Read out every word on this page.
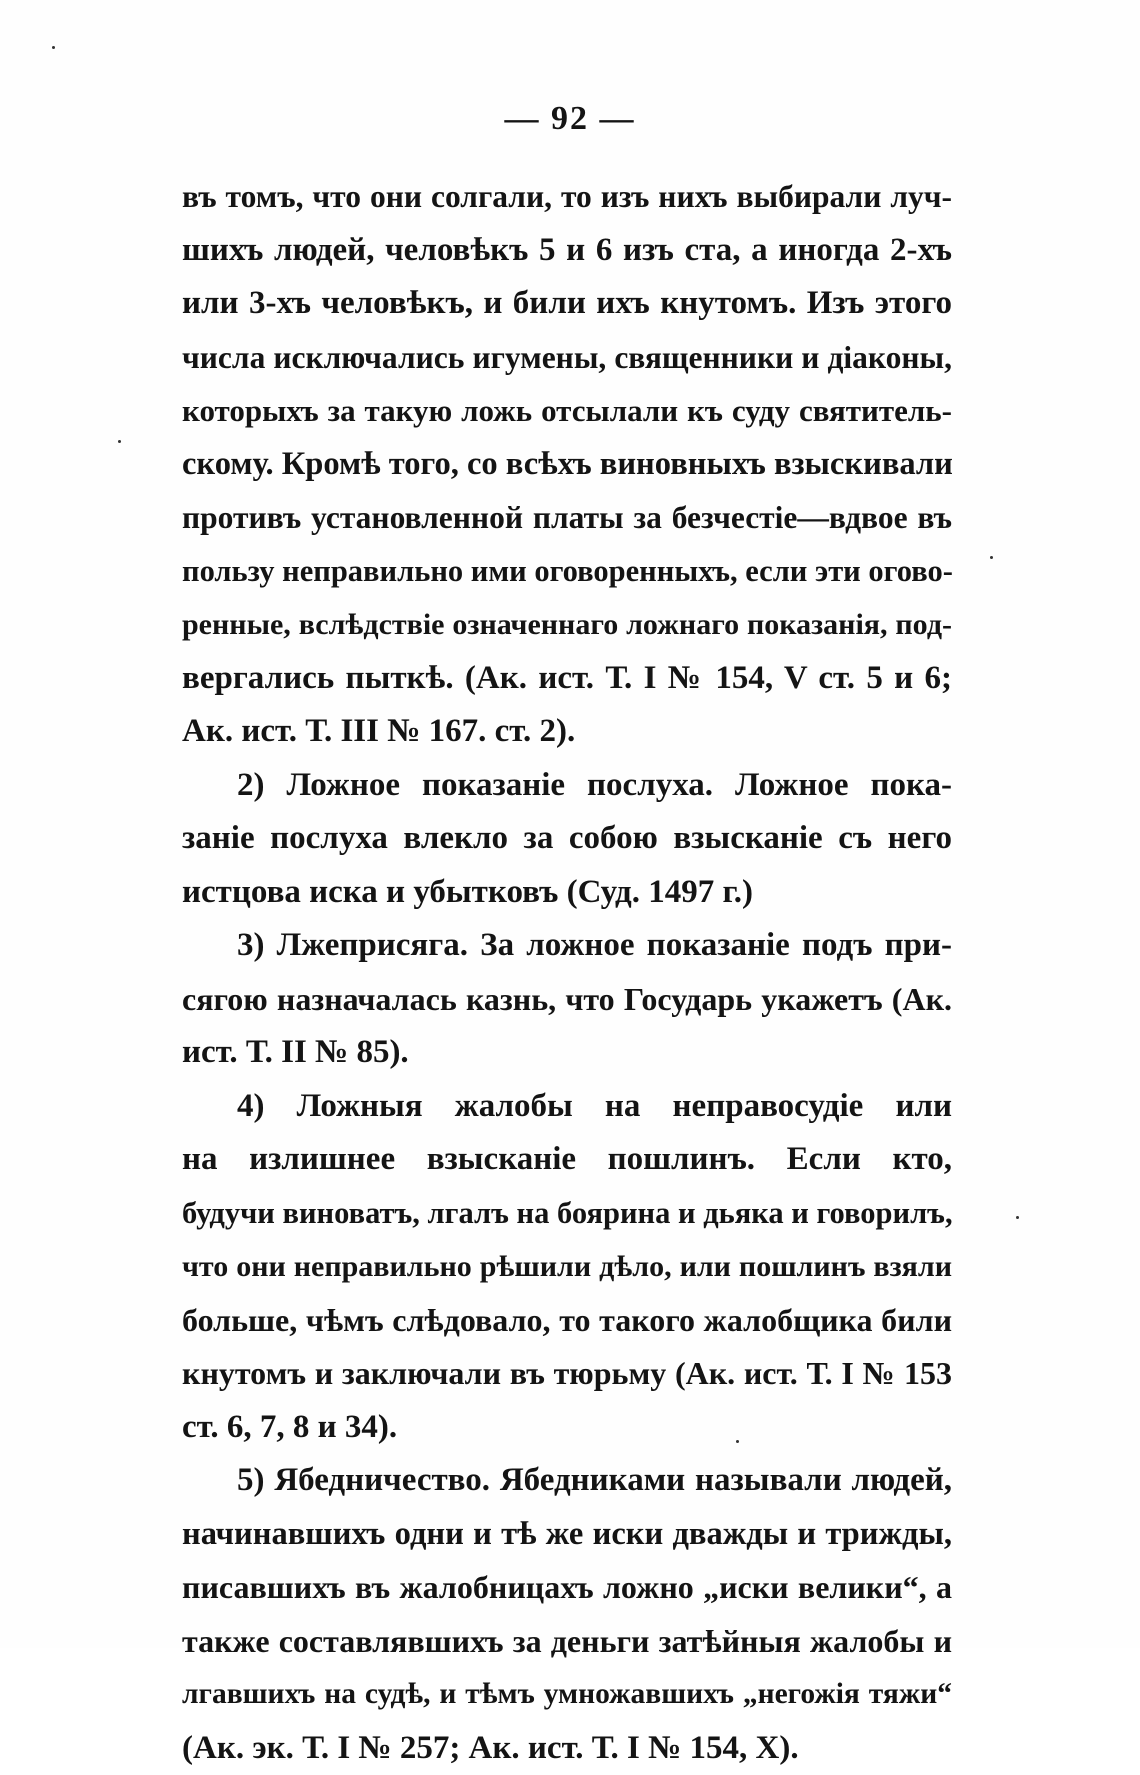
— 92 —
въ томъ, что они солгали, то изъ нихъ выбирали луч-
шихъ людей, человѣкъ 5 и 6 изъ ста, а иногда 2-хъ
или 3-хъ человѣкъ, и били ихъ кнутомъ. Изъ этого
числа исключались игумены, священники и діаконы,
которыхъ за такую ложь отсылали къ суду святитель-
скому. Кромѣ того, со всѣхъ виновныхъ взыскивали
противъ установленной платы за безчестіе—вдвое въ
пользу неправильно ими оговоренныхъ, если эти огово-
ренные, вслѣдствіе означеннаго ложнаго показанія, под-
вергались пыткѣ. (Ак. ист. Т. I № 154, V ст. 5 и 6;
Ак. ист. Т. III № 167. ст. 2).
2) Ложное показаніе послуха. Ложное пока-
заніе послуха влекло за собою взысканіе съ него
истцова иска и убытковъ (Суд. 1497 г.)
3) Лжеприсяга. За ложное показаніе подъ при-
сягою назначалась казнь, что Государь укажетъ (Ак.
ист. Т. II № 85).
4) Ложныя жалобы на неправосудіе или
на излишнее взысканіе пошлинъ. Если кто,
будучи виноватъ, лгалъ на боярина и дьяка и говорилъ,
что они неправильно рѣшили дѣло, или пошлинъ взяли
больше, чѣмъ слѣдовало, то такого жалобщика били
кнутомъ и заключали въ тюрьму (Ак. ист. Т. I № 153
ст. 6, 7, 8 и 34).
5) Ябедничество. Ябедниками называли людей,
начинавшихъ одни и тѣ же иски дважды и трижды,
писавшихъ въ жалобницахъ ложно „иски велики“, а
также составлявшихъ за деньги затѣйныя жалобы и
лгавшихъ на судѣ, и тѣмъ умножавшихъ „негожія тяжи“
(Ак. эк. Т. I № 257; Ак. ист. Т. I № 154, X).
